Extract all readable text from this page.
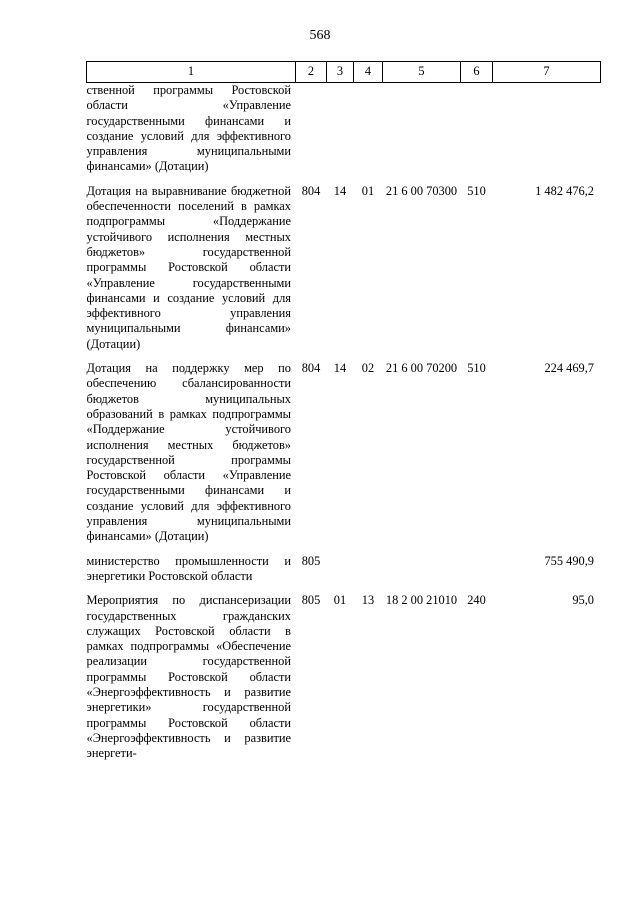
568
1	2	3	4	5	6	7

ственной программы Ростовской области «Управление государственными финансами и создание условий для эффективного управления муниципальными финансами» (Дотации)						

Дотация на выравнивание бюджетной обеспеченности поселений в рамках подпрограммы «Поддержание устойчивого исполнения местных бюджетов» государственной программы Ростовской области «Управление государственными финансами и создание условий для эффективного управления муниципальными финансами» (Дотации)	804	14	01	21 6 00 70300	510	1 482 476,2

Дотация на поддержку мер по обеспечению сбалансированности бюджетов муниципальных образований в рамках подпрограммы «Поддержание устойчивого исполнения местных бюджетов» государственной программы Ростовской области «Управление государственными финансами и создание условий для эффективного управления муниципальными финансами» (Дотации)	804	14	02	21 6 00 70200	510	224 469,7

министерство промышленности и энергетики Ростовской области	805					755 490,9

Мероприятия по диспансеризации государственных гражданских служащих Ростовской области в рамках подпрограммы «Обеспечение реализации государственной программы Ростовской области «Энергоэффективность и развитие энергетики» государственной программы Ростовской области «Энергоэффективность и развитие энергети-	805	01	13	18 2 00 21010	240	95,0
